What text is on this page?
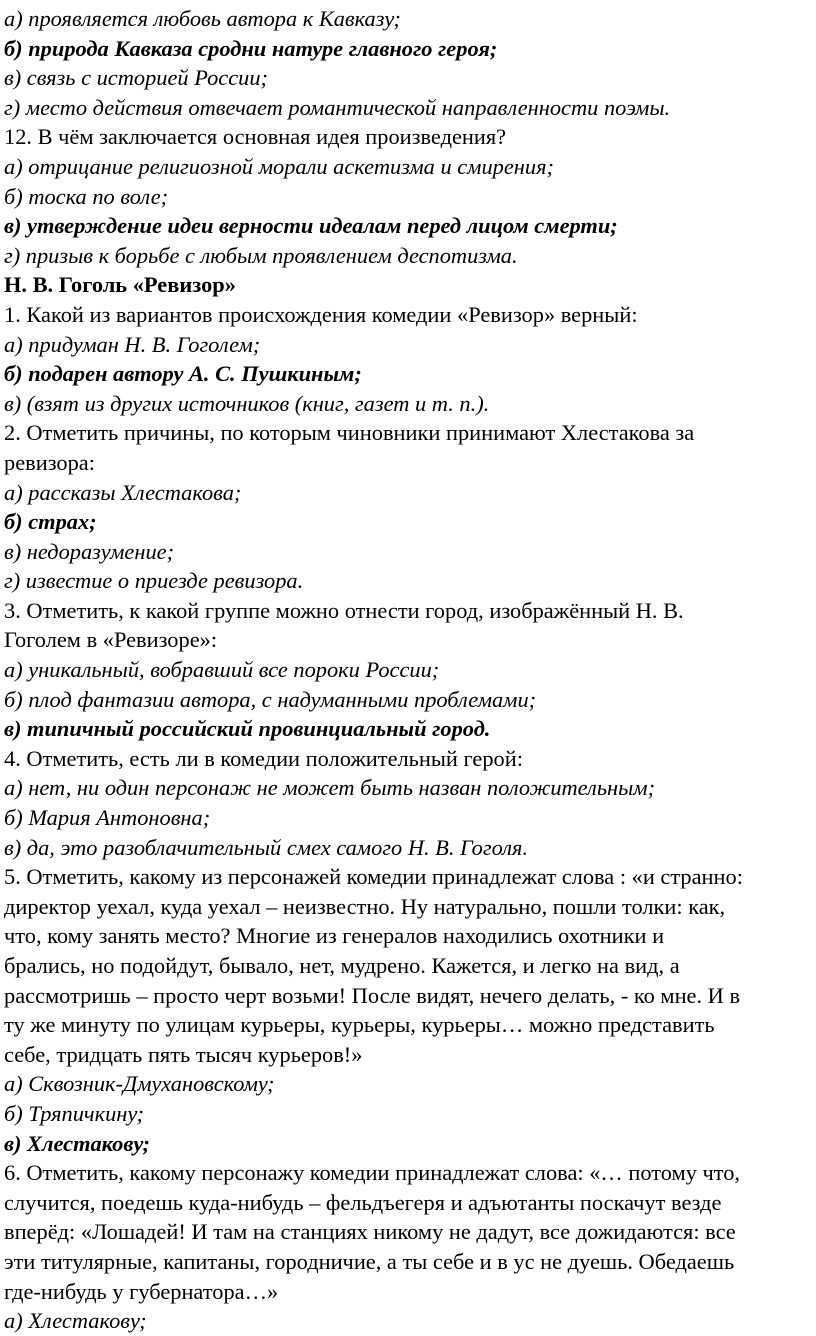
а) проявляется любовь автора к Кавказу;
б) природа Кавказа сродни натуре главного героя;
в) связь с историей России;
г) место действия отвечает романтической направленности поэмы.
12. В чём заключается основная идея произведения?
а) отрицание религиозной морали аскетизма и смирения;
б) тоска по воле;
в) утверждение идеи верности идеалам перед лицом смерти;
г) призыв к борьбе с любым проявлением деспотизма.
Н. В. Гоголь «Ревизор»
1. Какой из вариантов происхождения комедии «Ревизор» верный:
а) придуман Н. В. Гоголем;
б) подарен автору А. С. Пушкиным;
в) (взят из других источников (книг, газет и т. п.).
2. Отметить причины, по которым чиновники принимают Хлестакова за
ревизора:
а) рассказы Хлестакова;
б) страх;
в) недоразумение;
г) известие о приезде ревизора.
3. Отметить, к какой группе можно отнести город, изображённый Н. В.
Гоголем в «Ревизоре»:
а) уникальный, вобравший все пороки России;
б) плод фантазии автора, с надуманными проблемами;
в) типичный российский провинциальный город.
4. Отметить, есть ли в комедии положительный герой:
а) нет, ни один персонаж не может быть назван положительным;
б) Мария Антоновна;
в) да, это разоблачительный смех самого Н. В. Гоголя.
5. Отметить, какому из персонажей комедии принадлежат слова : «и странно:
директор уехал, куда уехал – неизвестно. Ну натурально, пошли толки: как,
что, кому занять место? Многие из генералов находились охотники и
брались, но подойдут, бывало, нет, мудрено. Кажется, и легко на вид, а
рассмотришь – просто черт возьми! После видят, нечего делать, - ко мне. И в
ту же минуту по улицам курьеры, курьеры, курьеры… можно представить
себе, тридцать пять тысяч курьеров!»
а) Сквозник-Дмухановскому;
б) Тряпичкину;
в) Хлестакову;
6. Отметить, какому персонажу комедии принадлежат слова: «… потому что,
случится, поедешь куда-нибудь – фельдъегеря и адъютанты поскачут везде
вперёд: «Лошадей! И там на станциях никому не дадут, все дожидаются: все
эти титулярные, капитаны, городничие, а ты себе и в ус не дуешь. Обедаешь
где-нибудь у губернатора…»
а) Хлестакову;
